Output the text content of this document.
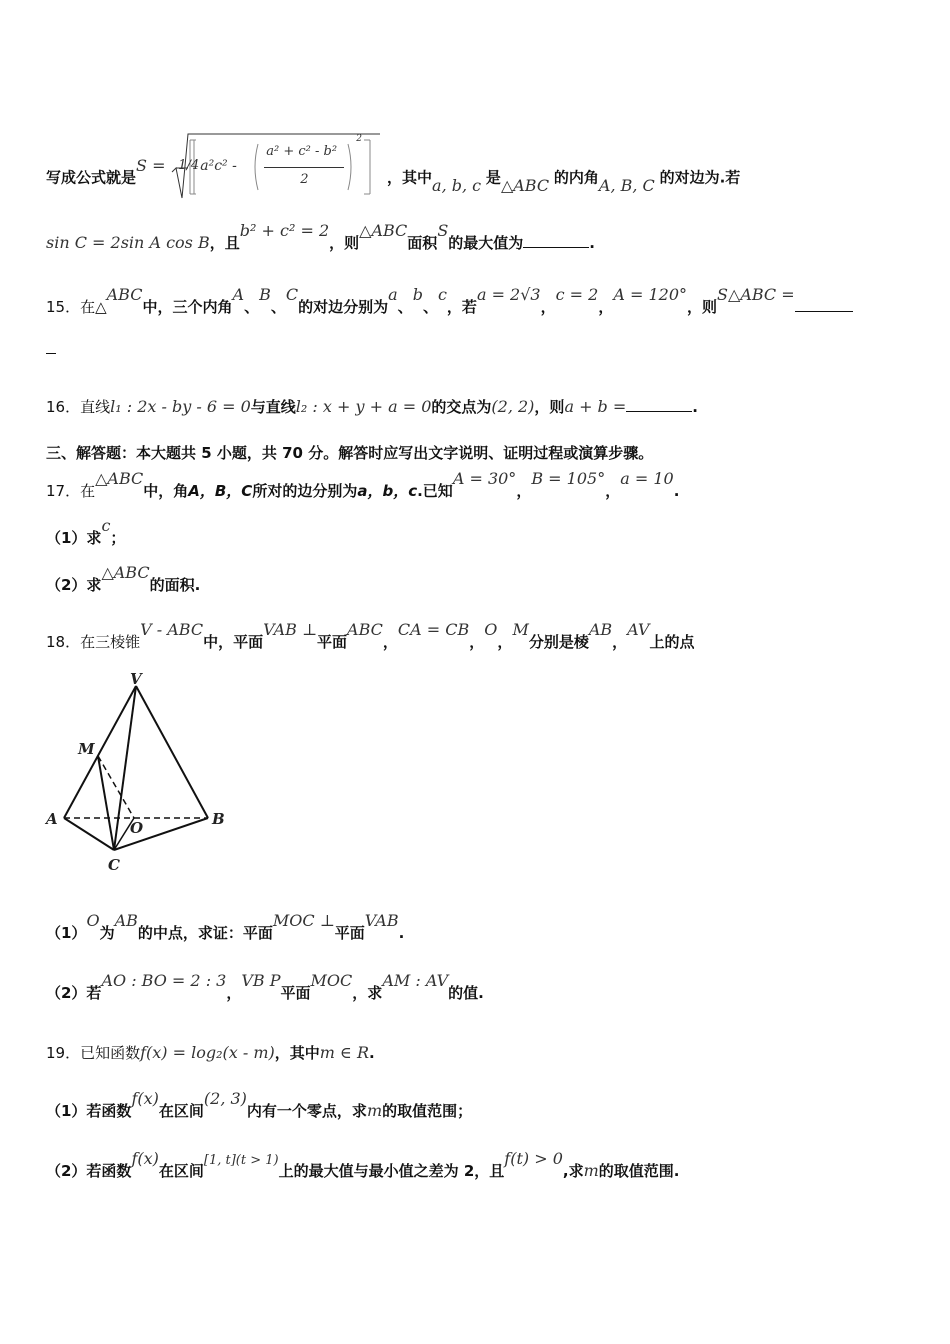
写成公式就是S = 1/4 a²c² -
a² + c² - b²
2
2
，其中a, b, c 是△ABC 的内角A, B, C 的对边为.若
sin C = 2sin A cos B，且b² + c² = 2，则△ABC面积S的最大值为	.
15．在△ABC中，三个内角A、B、C的对边分别为a、b、c，若a = 2√3，c = 2，A = 120°，则S△ABC =
16．直线l₁ : 2x - by - 6 = 0与直线l₂ : x + y + a = 0的交点为(2, 2)，则a + b =	.
三、解答题：本大题共 5 小题，共 70 分。解答时应写出文字说明、证明过程或演算步骤。
17．在△ABC中，角A，B，C所对的边分别为a，b，c.已知A = 30°，B = 105°，a = 10.
（1）求c；
（2）求△ABC的面积.
18．在三棱锥V - ABC中，平面VAB ⊥平面ABC，CA = CB，O，M分别是棱AB，AV上的点
V
M
A	O	B
C
（1）O为AB的中点，求证：平面MOC ⊥平面VAB.
（2）若AO : BO = 2 : 3，VB P平面MOC，求AM : AV的值.
19．已知函数f(x) = log₂(x - m)，其中m ∈ R.
（1）若函数f(x)在区间(2, 3)内有一个零点，求m的取值范围；
（2）若函数f(x)在区间[1, t](t > 1)上的最大值与最小值之差为 2，且f(t) > 0,求m的取值范围.
